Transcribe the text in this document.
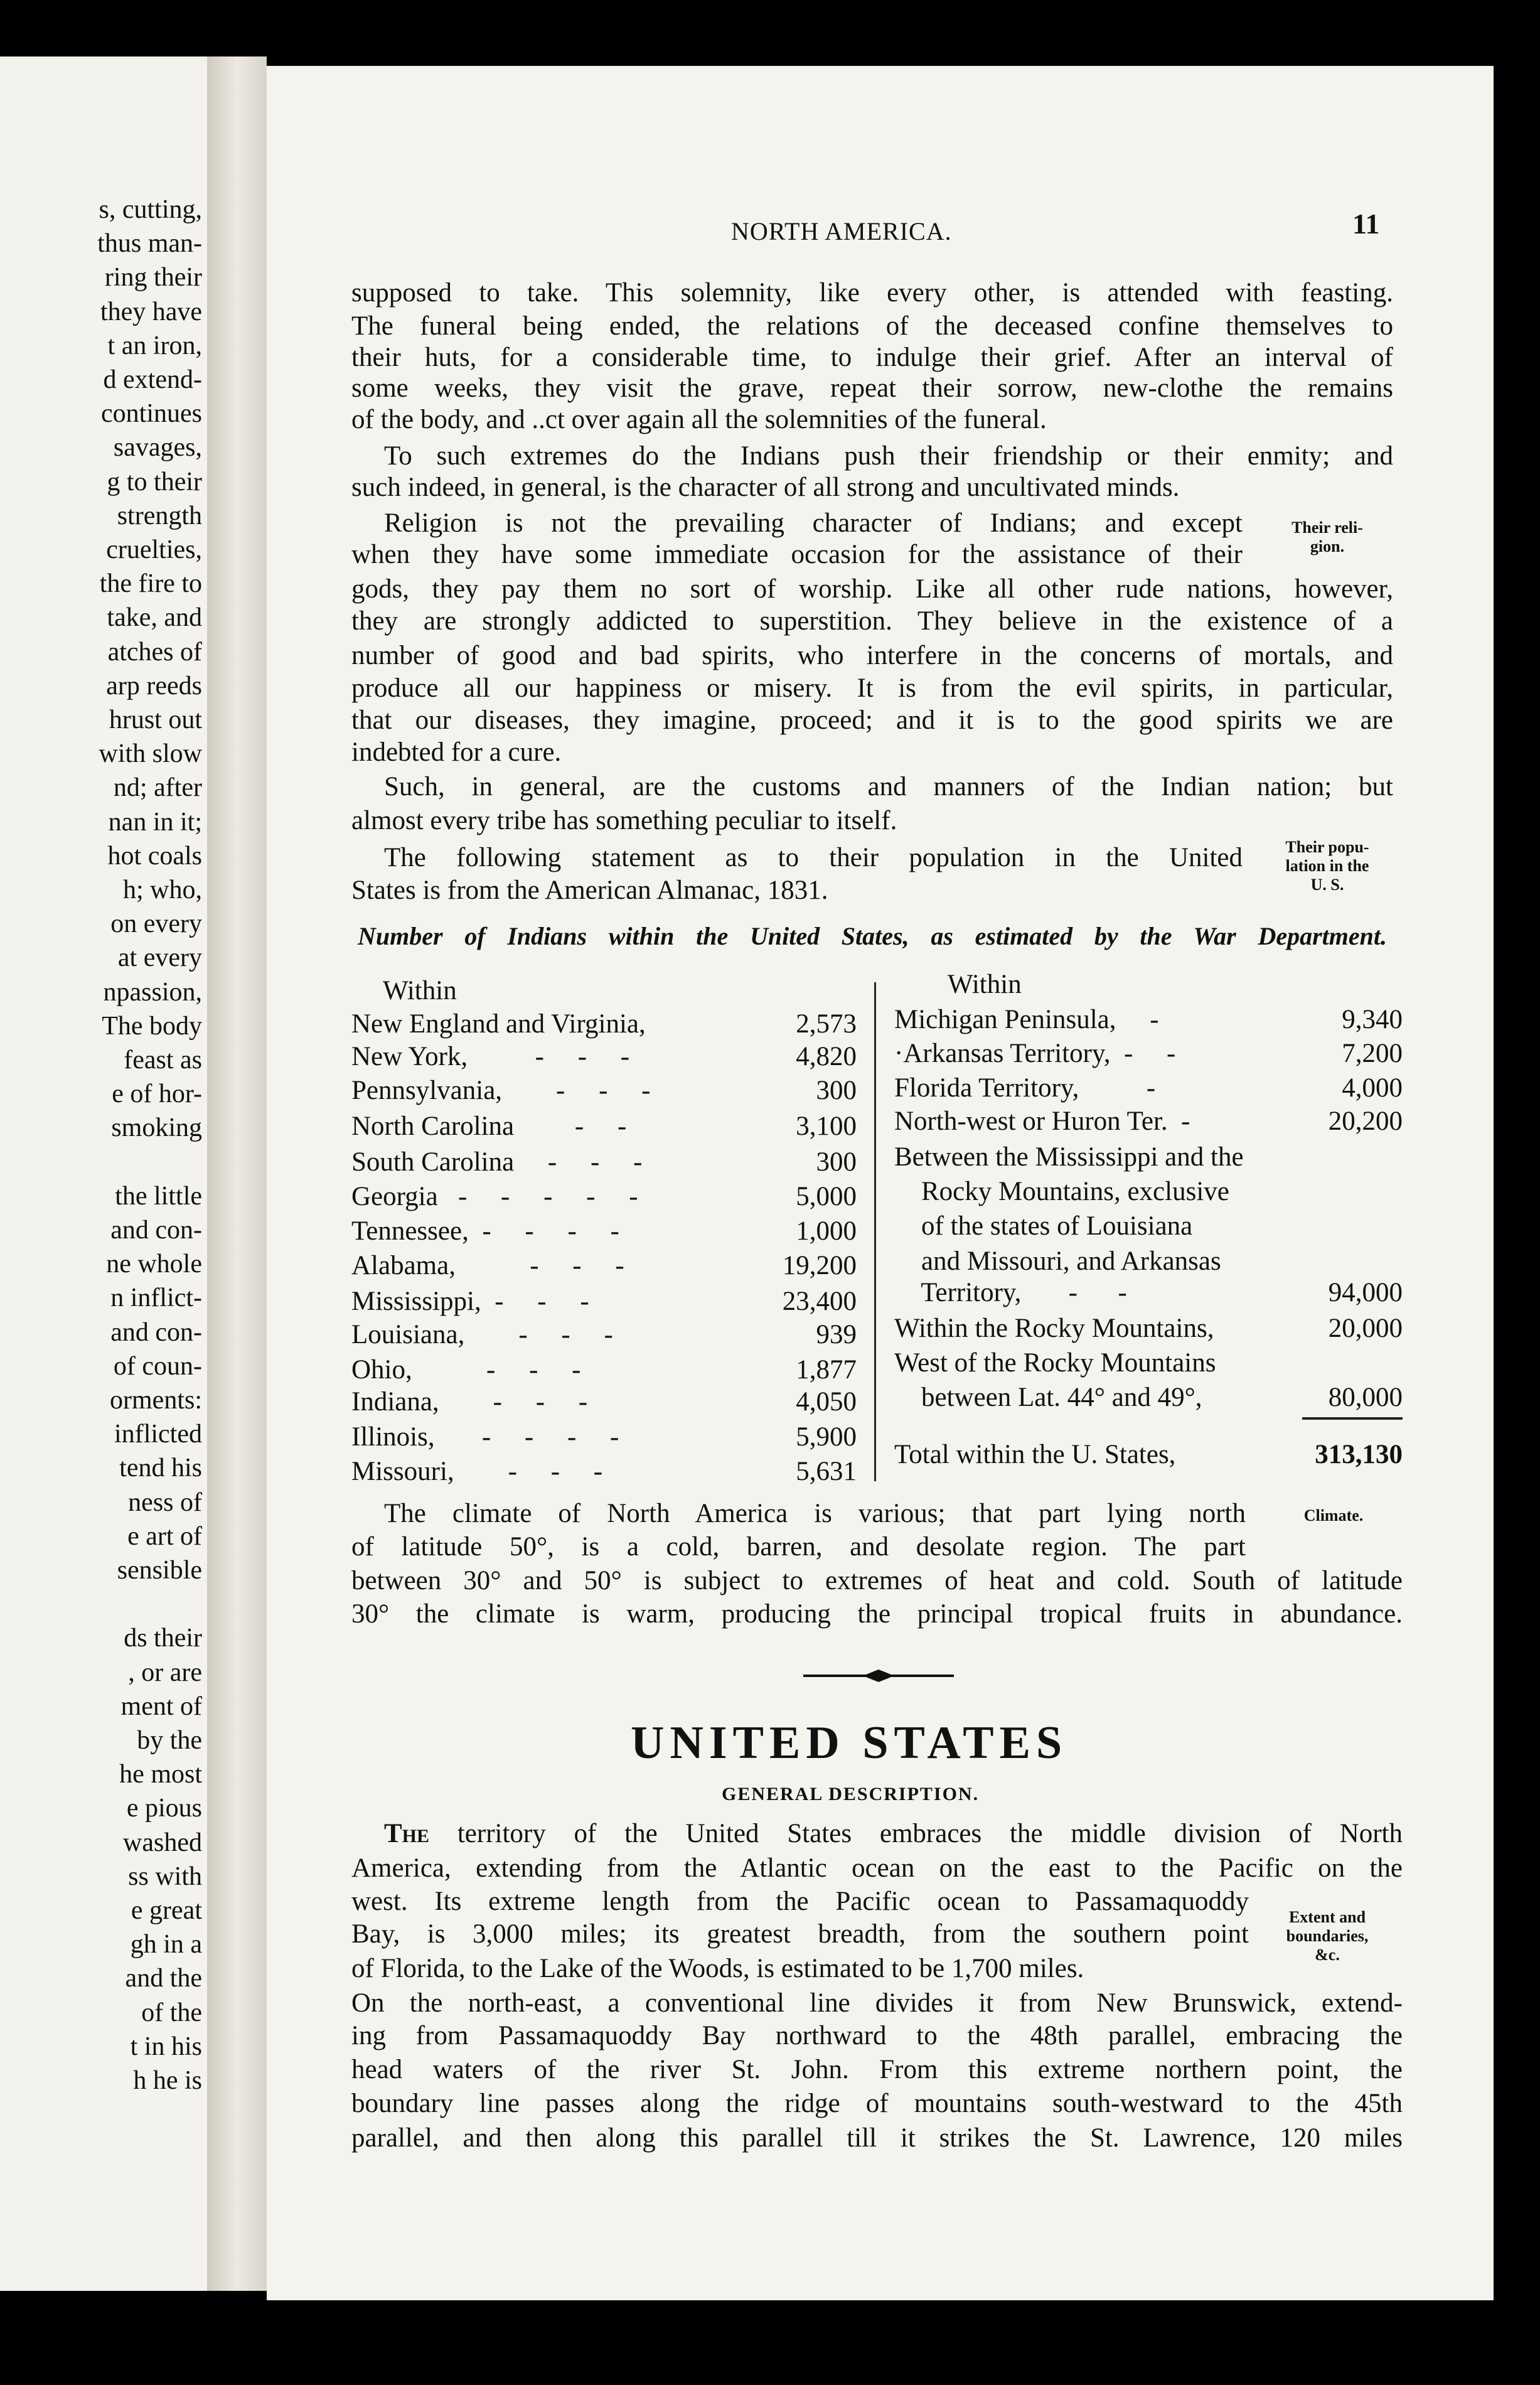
s, cutting,
thus man-
ring their
they have
t an iron,
d extend-
continues
savages,
g to their
strength
cruelties,
the fire to
take, and
atches of
arp reeds
hrust out
with slow
nd; after
nan in it;
hot coals
h; who,
on every
at every
npassion,
The body
feast as
e of hor-
smoking
the little
and con-
ne whole
n inflict-
and con-
of coun-
orments:
inflicted
tend his
ness of
e art of
sensible
ds their
, or are
ment of
by the
he most
e pious
washed
ss with
e great
gh in a
and the
of the
t in his
h he is
NORTH AMERICA.	11
supposed to take. This solemnity, like every other, is attended with feasting.
The funeral being ended, the relations of the deceased confine themselves to
their huts, for a considerable time, to indulge their grief. After an interval of
some weeks, they visit the grave, repeat their sorrow, new-clothe the remains
of the body, and ..ct over again all the solemnities of the funeral.
To such extremes do the Indians push their friendship or their enmity; and
such indeed, in general, is the character of all strong and uncultivated minds.
Religion is not the prevailing character of Indians; and except
when they have some immediate occasion for the assistance of their
gods, they pay them no sort of worship. Like all other rude nations, however,
they are strongly addicted to superstition. They believe in the existence of a
number of good and bad spirits, who interfere in the concerns of mortals, and
produce all our happiness or misery. It is from the evil spirits, in particular,
that our diseases, they imagine, proceed; and it is to the good spirits we are
indebted for a cure.
Such, in general, are the customs and manners of the Indian nation; but
almost every tribe has something peculiar to itself.
The following statement as to their population in the United
States is from the American Almanac, 1831.
Their reli-
gion.
Their popu-
lation in the
U. S.
Number of Indians within the United States, as estimated by the War Department.
Within	Within
New England and Virginia,	2,573
New York,          -     -     -	4,820
Pennsylvania,        -     -     -	300
North Carolina         -     -	3,100
South Carolina     -     -     -	300
Georgia   -     -     -     -     -	5,000
Tennessee,  -     -     -     -	1,000
Alabama,           -     -     -	19,200
Mississippi,  -     -     -	23,400
Louisiana,        -     -     -	939
Ohio,           -     -     -	1,877
Indiana,        -     -     -	4,050
Illinois,       -     -     -     -	5,900
Missouri,        -     -     -	5,631
Michigan Peninsula,     -	9,340
·Arkansas Territory,  -     -	7,200
Florida Territory,          -	4,000
North-west or Huron Ter.  -	20,200
Between the Mississippi and the
Rocky Mountains, exclusive
of the states of Louisiana
and Missouri, and Arkansas
Territory,       -      -	94,000
Within the Rocky Mountains,	20,000
West of the Rocky Mountains
between Lat. 44° and 49°,	80,000
Total within the U. States,	313,130
The climate of North America is various; that part lying north
of latitude 50°, is a cold, barren, and desolate region. The part
between 30° and 50° is subject to extremes of heat and cold. South of latitude
30° the climate is warm, producing the principal tropical fruits in abundance.
Climate.
UNITED STATES
GENERAL DESCRIPTION.
The territory of the United States embraces the middle division of North
America, extending from the Atlantic ocean on the east to the Pacific on the
west. Its extreme length from the Pacific ocean to Passamaquoddy
Bay, is 3,000 miles; its greatest breadth, from the southern point
of Florida, to the Lake of the Woods, is estimated to be 1,700 miles.
On the north-east, a conventional line divides it from New Brunswick, extend-
ing from Passamaquoddy Bay northward to the 48th parallel, embracing the
head waters of the river St. John. From this extreme northern point, the
boundary line passes along the ridge of mountains south-westward to the 45th
parallel, and then along this parallel till it strikes the St. Lawrence, 120 miles
Extent and
boundaries,
&c.
